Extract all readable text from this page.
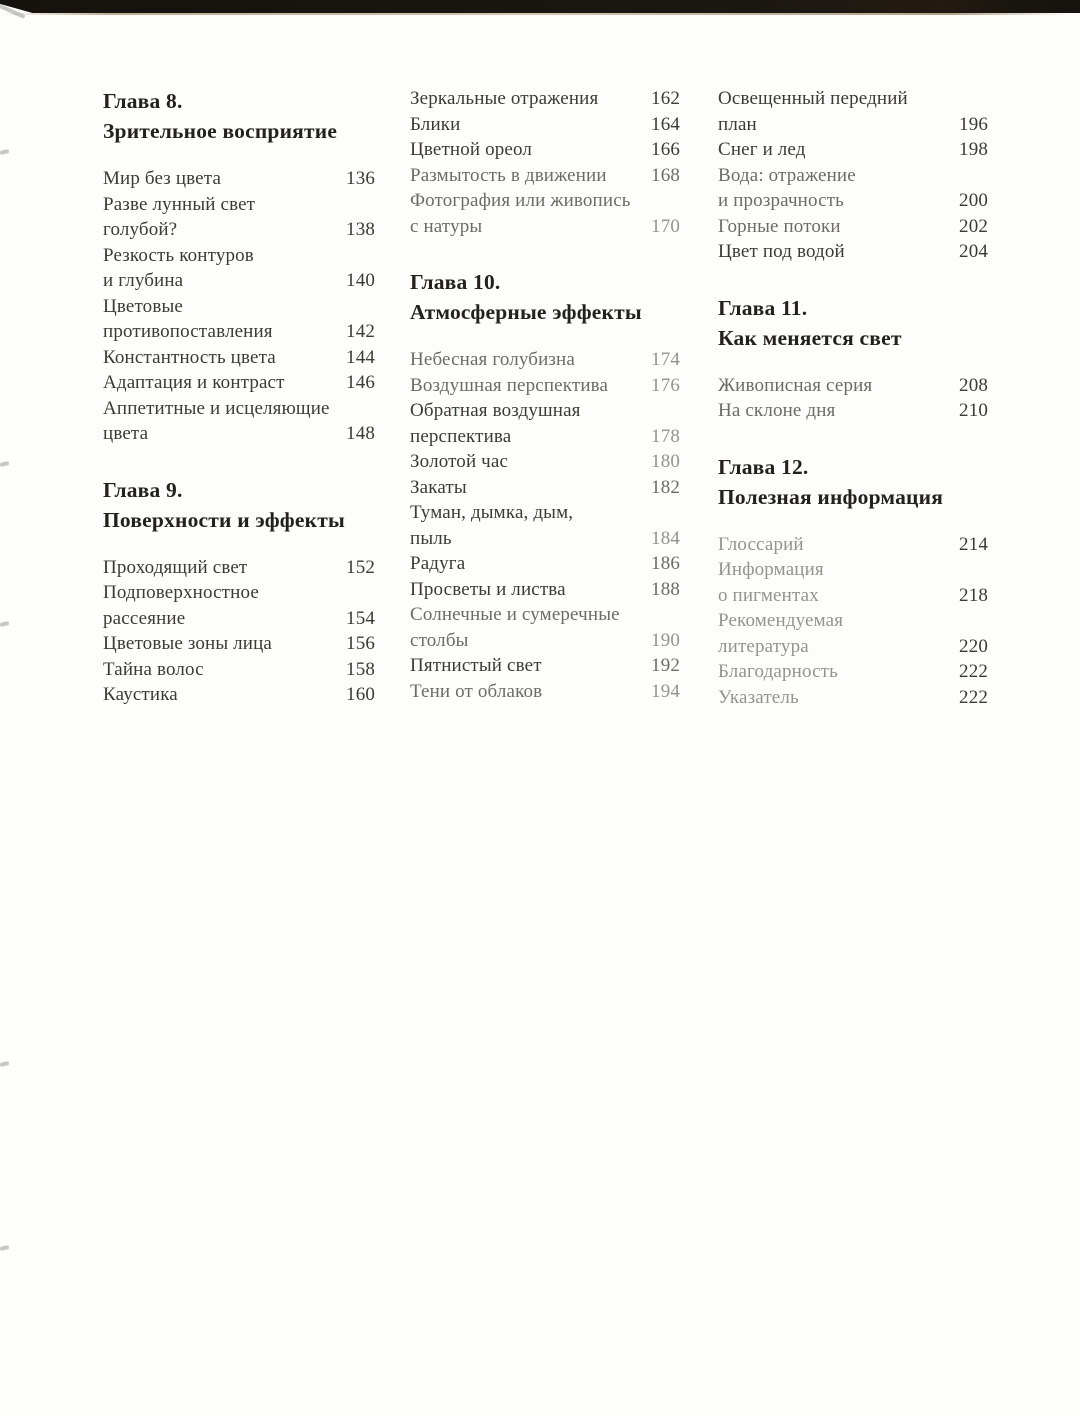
Глава 8.
Зрительное восприятие
Мир без цвета	136
Разве лунный свет
голубой?	138
Резкость контуров
и глубина	140
Цветовые
противопоставления	142
Константность цвета	144
Адаптация и контраст	146
Аппетитные и исцеляющие
цвета	148
Глава 9.
Поверхности и эффекты
Проходящий свет	152
Подповерхностное
рассеяние	154
Цветовые зоны лица	156
Тайна волос	158
Каустика	160
Зеркальные отражения	162
Блики	164
Цветной ореол	166
Размытость в движении 168
Фотография или живопись
с натуры	170
Глава 10.
Атмосферные эффекты
Небесная голубизна	174
Воздушная перспектива 176
Обратная воздушная
перспектива	178
Золотой час	180
Закаты	182
Туман, дымка, дым,
пыль	184
Радуга	186
Просветы и листва	188
Солнечные и сумеречные
столбы	190
Пятнистый свет	192
Тени от облаков	194
Освещенный передний
план	196
Снег и лед	198
Вода: отражение
и прозрачность	200
Горные потоки	202
Цвет под водой	204
Глава 11.
Как меняется свет
Живописная серия	208
На склоне дня	210
Глава 12.
Полезная информация
Глоссарий	214
Информация
о пигментах	218
Рекомендуемая
литература	220
Благодарность	222
Указатель	222
